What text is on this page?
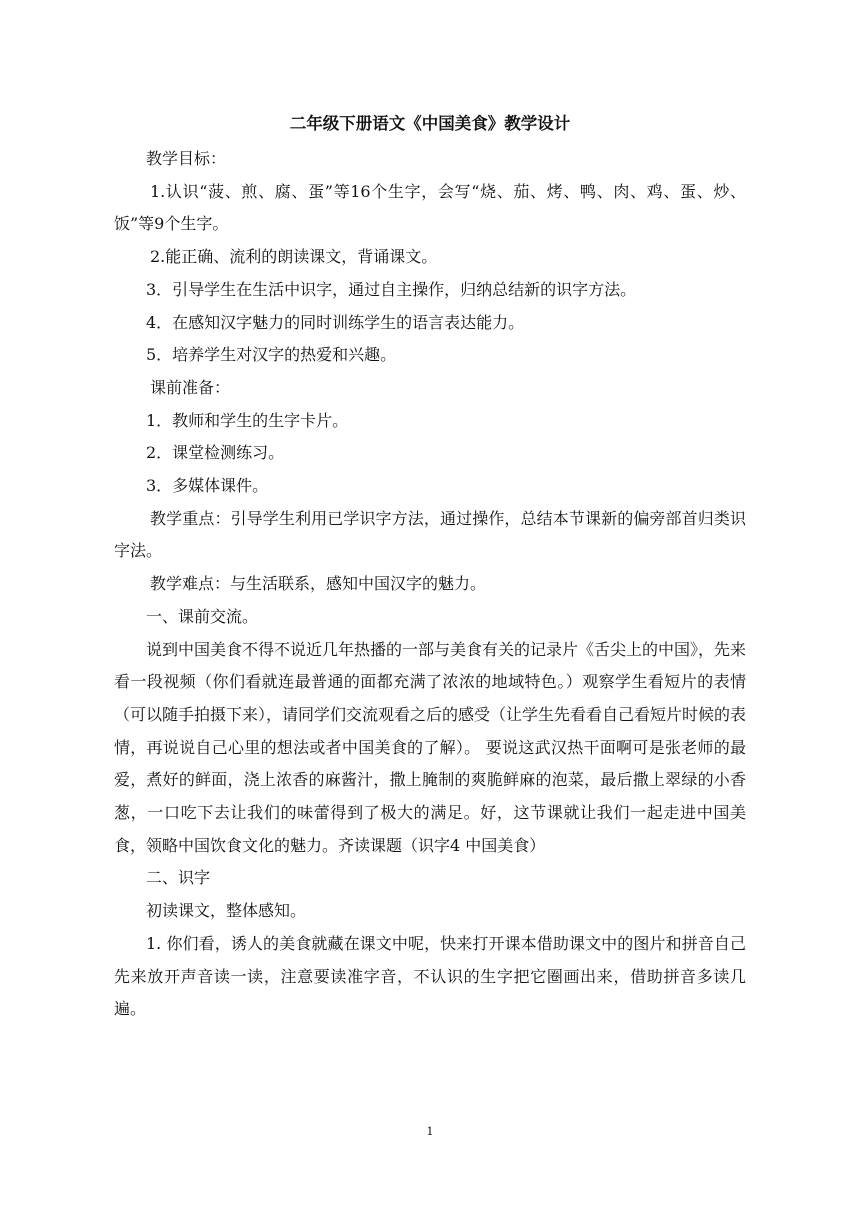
二年级下册语文《中国美食》教学设计

教学目标：

1.认识“菠、煎、腐、蛋”等16个生字，会写“烧、茄、烤、鸭、肉、鸡、蛋、炒、饭”等9个生字。

2.能正确、流利的朗读课文，背诵课文。

3．引导学生在生活中识字，通过自主操作，归纳总结新的识字方法。

4．在感知汉字魅力的同时训练学生的语言表达能力。

5．培养学生对汉字的热爱和兴趣。

课前准备：

1．教师和学生的生字卡片。

2．课堂检测练习。

3．多媒体课件。

教学重点：引导学生利用已学识字方法，通过操作，总结本节课新的偏旁部首归类识字法。

教学难点：与生活联系，感知中国汉字的魅力。

一、课前交流。

说到中国美食不得不说近几年热播的一部与美食有关的记录片《舌尖上的中国》，先来看一段视频（你们看就连最普通的面都充满了浓浓的地域特色。）观察学生看短片的表情（可以随手拍摄下来），请同学们交流观看之后的感受（让学生先看看自己看短片时候的表情，再说说自己心里的想法或者中国美食的了解）。 要说这武汉热干面啊可是张老师的最爱，煮好的鲜面，浇上浓香的麻酱汁，撒上腌制的爽脆鲜麻的泡菜，最后撒上翠绿的小香葱，一口吃下去让我们的味蕾得到了极大的满足。好，这节课就让我们一起走进中国美食，领略中国饮食文化的魅力。齐读课题（识字4 中国美食）

二、识字

初读课文，整体感知。

1. 你们看，诱人的美食就藏在课文中呢，快来打开课本借助课文中的图片和拼音自己先来放开声音读一读，注意要读准字音，不认识的生字把它圈画出来，借助拼音多读几遍。

1
